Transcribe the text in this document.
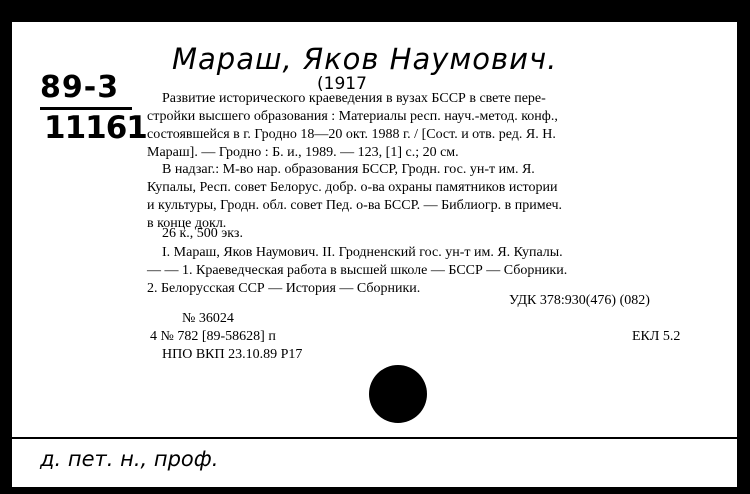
Мараш, Яков Наумович.
(1917
89-3
11161
Развитие исторического краеведения в вузах БССР в свете пере-
стройки высшего образования : Материалы респ. науч.-метод. конф.,
состоявшейся в г. Гродно 18—20 окт. 1988 г. / [Сост. и отв. ред. Я. Н.
Мараш]. — Гродно : Б. и., 1989. — 123, [1] с.; 20 см.
В надзаг.: М-во нар. образования БССР, Гродн. гос. ун-т им. Я.
Купалы, Респ. совет Белорус. добр. о-ва охраны памятников истории
и культуры, Гродн. обл. совет Пед. о-ва БССР. — Библиогр. в примеч.
в конце докл.
26 к., 500 экз.
I. Мараш, Яков Наумович. II. Гродненский гос. ун-т им. Я. Купалы.
— — 1. Краеведческая работа в высшей школе — БССР — Сборники.
2. Белорусская ССР — История — Сборники.
УДК 378:930(476) (082)
№ 36024
4 № 782 [89-58628] п	ЕКЛ 5.2
НПО ВКП 23.10.89 Р17
д. пет. н., проф.
